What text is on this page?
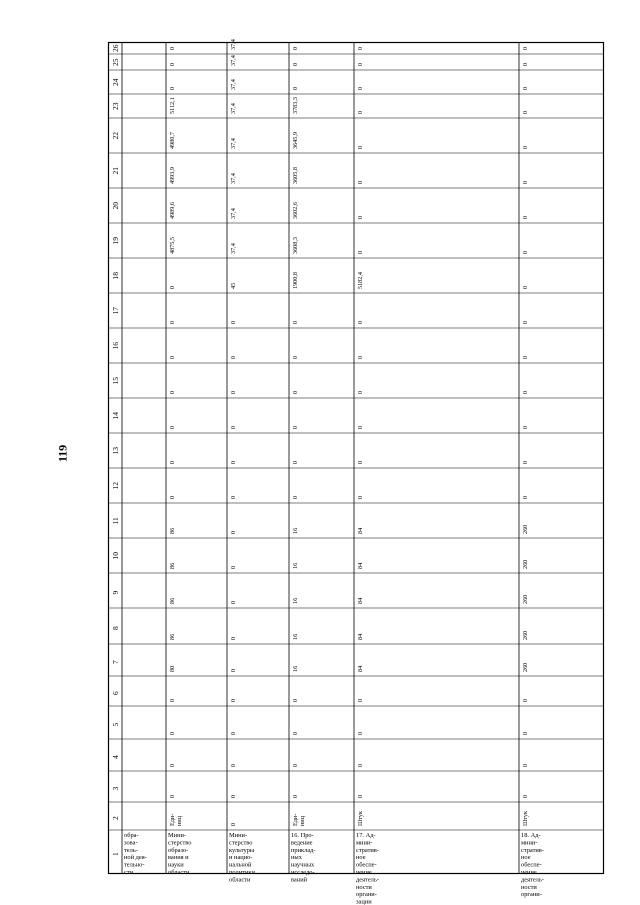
119
1
2
3
4
5
6
7
8
9
10
11
12
13
14
15
16
17
18
19
20
21
22
23
24
25
26
обра-
зова-
тель-
ной дея-
тельно-
сти
Мини-
стерство
образо-
вания и
науки
области
Еди- ниц
0
0
0
0
80
86
86
86
86
0
0
0
0
0
0
0
4875,5
4989,6
4993,9
4980,7
5112,1
0
0
0
Мини-
стерство
культуры
и нацио-
нальной
политики
области
0
0
0
0
0
0
0
0
0
0
0
0
0
0
0
0
45
37,4
37,4
37,4
37,4
37,4
37,4
37,4
37,4
16. Про-
ведение
приклад-
ных
научных
исследо-
ваний
Еди- ниц
0
0
0
0
16
16
16
16
16
0
0
0
0
0
0
1900,8
3608,3
3602,6
3605,8
3645,9
3783,3
0
0
0
17. Ад-
мини-
стратив-
ное
обеспе-
чение
деятель-
ности
органи-
зации
Штук
0
0
0
0
84
84
84
84
84
0
0
0
0
0
0
5182,4
0
0
0
0
0
0
0
0
18. Ад-
мини-
стратив-
ное
обеспе-
чение
деятель-
ности
органи-
Штук
0
0
0
0
260
260
260
260
260
0
0
0
0
0
0
0
0
0
0
0
0
0
0
0
